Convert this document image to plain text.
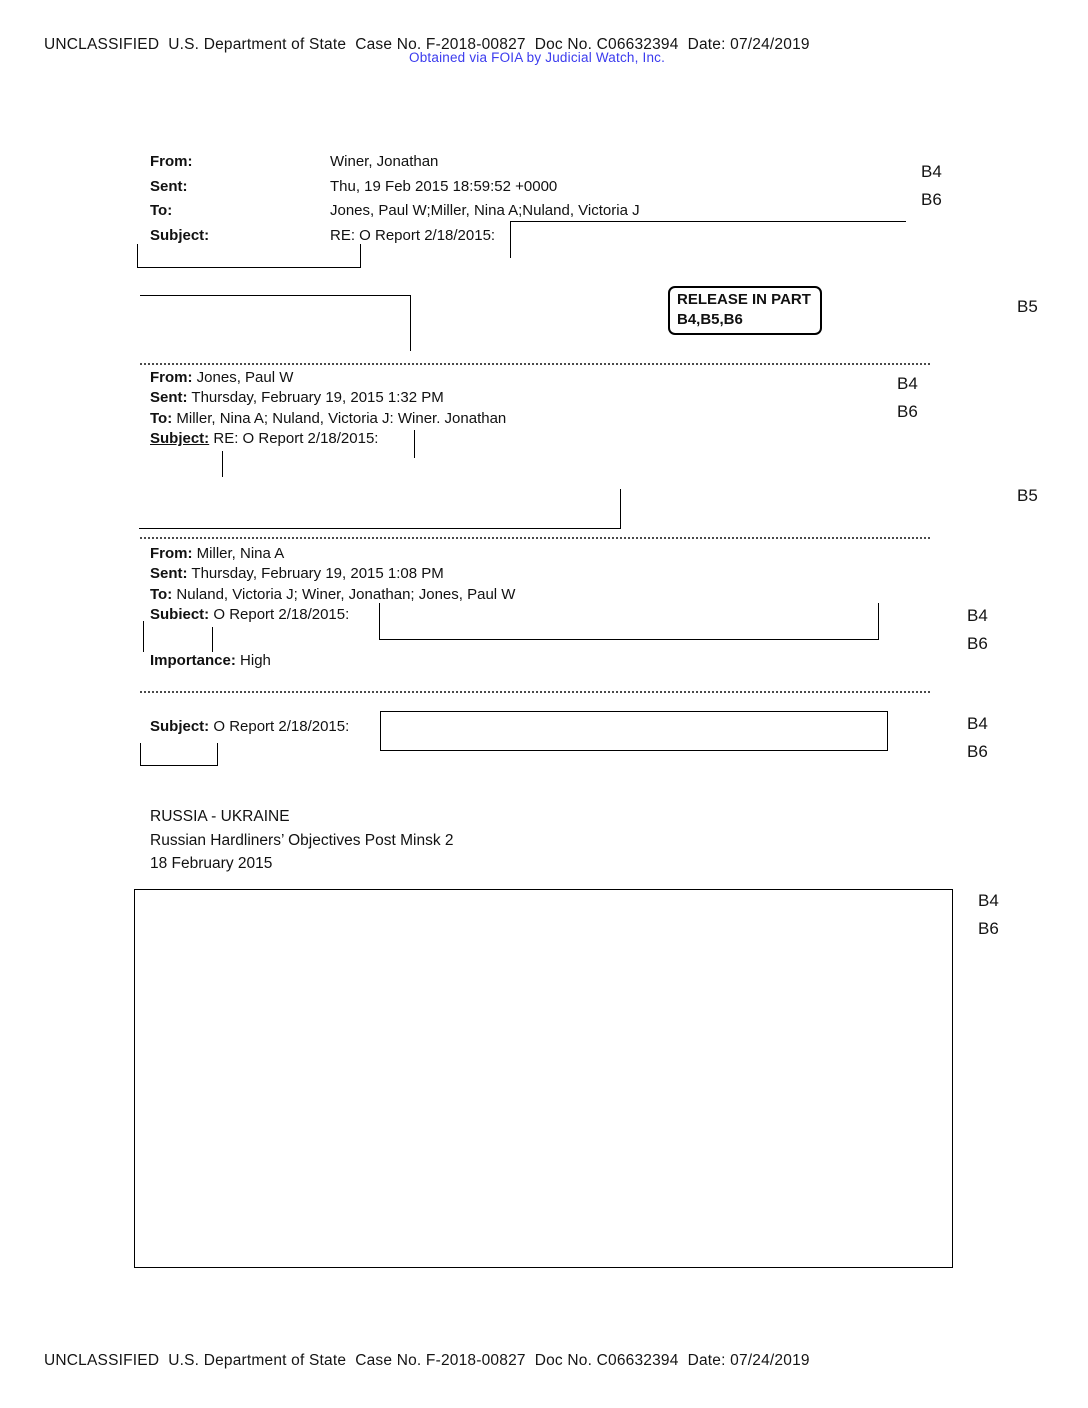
UNCLASSIFIED  U.S. Department of State  Case No. F-2018-00827  Doc No. C06632394  Date: 07/24/2019
Obtained via FOIA by Judicial Watch, Inc.
UNCLASSIFIED  U.S. Department of State  Case No. F-2018-00827  Doc No. C06632394  Date: 07/24/2019
From:	Winer, Jonathan
Sent:	Thu, 19 Feb 2015 18:59:52 +0000
To:	Jones, Paul W;Miller, Nina A;Nuland, Victoria J
Subject:	RE: O Report 2/18/2015:
B4
B6
RELEASE IN PART
B4,B5,B6
B5

From: Jones, Paul W

Sent: Thursday, February 19, 2015 1:32 PM

To: Miller, Nina A; Nuland, Victoria J: Winer. Jonathan

Subject: RE: O Report 2/18/2015:

B4
B6
B5

From: Miller, Nina A

Sent: Thursday, February 19, 2015 1:08 PM

To: Nuland, Victoria J; Winer, Jonathan; Jones, Paul W

Subiect: O Report 2/18/2015:

Importance: High

B4
B6

Subject: O Report 2/18/2015:	B4
B6

RUSSIA - UKRAINE

Russian Hardliners’ Objectives Post Minsk 2

18 February 2015

B4
B6
